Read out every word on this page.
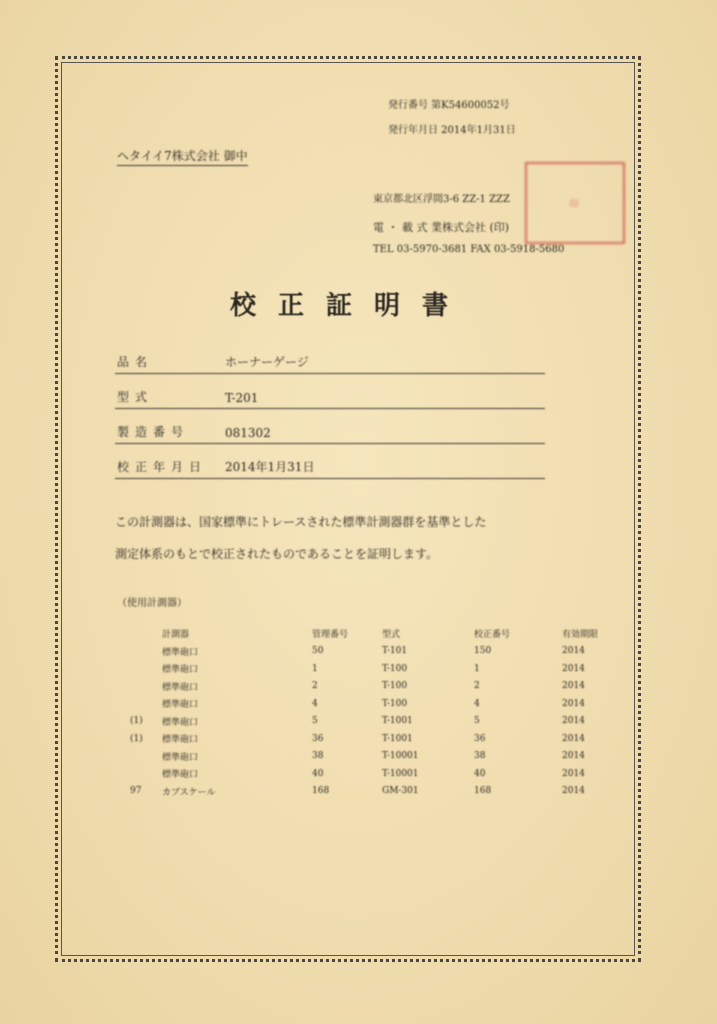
発行番号 第K54600052号
発行年月日 2014年1月31日
ヘタイイ7株式会社 御中
東京都北区浮間3-6 ZZ-1 ZZZ
電 ・ 載 式 業株式会社 (印)
TEL 03-5970-3681 FAX 03-5918-5680
印
校正証明書
品名	ホーナーゲージ
型式	T-201
製造番号	081302
校正年月日 2014年1月31日
この計測器は、国家標準にトレースされた標準計測器群を基準とした
測定体系のもとで校正されたものであることを証明します。
（使用計測器）
	計測器	管理番号	型式	校正番号	有効期限
	標準砲口	50	T-101	150	2014
	標準砲口	1	T-100	1	2014
	標準砲口	2	T-100	2	2014
	標準砲口	4	T-100	4	2014
(1)	標準砲口	5	T-1001	5	2014
(1)	標準砲口	36	T-1001	36	2014
	標準砲口	38	T-10001	38	2014
	標準砲口	40	T-10001	40	2014
97	カブスケール	168	GM-301	168	2014
